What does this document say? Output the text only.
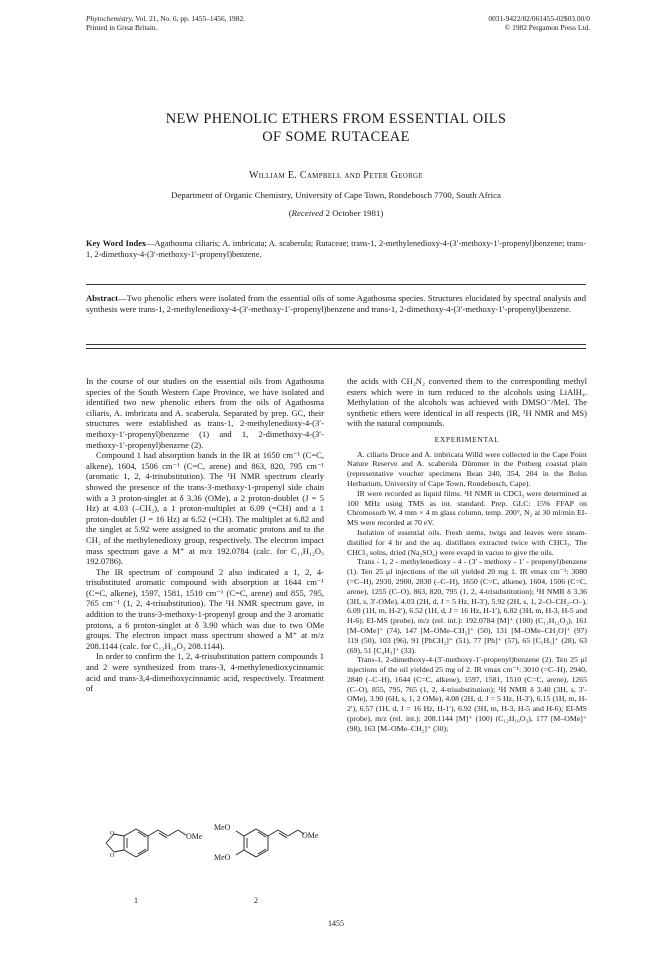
Phytochemistry, Vol. 21, No. 6, pp. 1455–1456, 1982.
Printed in Great Britain.
0031-9422/82/061455-02$03.00/0
© 1982 Pergamon Press Ltd.
NEW PHENOLIC ETHERS FROM ESSENTIAL OILS
OF SOME RUTACEAE
William E. Campbell and Peter George
Department of Organic Chemistry, University of Cape Town, Rondebosch 7700, South Africa
(Received 2 October 1981)
Key Word Index—Agathosma ciliaris; A. imbricata; A. scaberula; Rutaceae; trans-1, 2-methylenedioxy-4-(3′-methoxy-1′-propenyl)benzene; trans-1, 2-dimethoxy-4-(3′-methoxy-1′-propenyl)benzene.
Abstract—Two phenolic ethers were isolated from the essential oils of some Agathosma species. Structures elucidated by spectral analysis and synthesis were trans-1, 2-methylenedioxy-4-(3′-methoxy-1′-propenyl)benzene and trans-1, 2-dimethoxy-4-(3′-methoxy-1′-propenyl)benzene.

In the course of our studies on the essential oils from Agathosma species of the South Western Cape Province, we have isolated and identified two new phenolic ethers from the oils of Agathosma ciliaris, A. imbricata and A. scaberula. Separated by prep. GC, their structures were established as trans-1, 2-methylenedioxy-4-(3′-methoxy-1′-propenyl)benzene (1) and 1, 2-dimethoxy-4-(3′-methoxy-1′-propenyl)benzene (2).

Compound 1 had absorption bands in the IR at 1650 cm⁻¹ (C=C, alkene), 1604, 1506 cm⁻¹ (C=C, arene) and 863, 820, 795 cm⁻¹ (aromatic 1, 2, 4-trisubstitution). The ¹H NMR spectrum clearly showed the presence of the trans-3-methoxy-1-propenyl side chain with a 3 proton-singlet at δ 3.36 (OMe), a 2 proton-doublet (J = 5 Hz) at 4.03 (–CH₂), a 1 proton-multiplet at 6.09 (=CH) and a 1 proton-doublet (J = 16 Hz) at 6.52 (=CH). The multiplet at 6.82 and the singlet at 5.92 were assigned to the aromatic protons and to the CH₂ of the methylenedioxy group, respectively. The electron impact mass spectrum gave a M⁺ at m/z 192.0784 (calc. for C₁₁H₁₂O₃ 192.0786).

The IR spectrum of compound 2 also indicated a 1, 2, 4-trisubstituted aromatic compound with absorption at 1644 cm⁻¹ (C=C, alkene), 1597, 1581, 1510 cm⁻¹ (C=C, arene) and 855, 795, 765 cm⁻¹ (1, 2, 4-trisubstitution). The ¹H NMR spectrum gave, in addition to the trans-3-methoxy-1-propenyl group and the 3 aromatic protons, a 6 proton-singlet at δ 3.90 which was due to two OMe groups. The electron impact mass spectrum showed a M⁺ at m/z 208.1144 (calc. for C₁₂H₁₆O₃ 208.1144).

In order to confirm the 1, 2, 4-trisubstitution pattern compounds 1 and 2 were synthesized from trans-3, 4-methylenedioxycinnamic acid and trans-3,4-dimethoxycinnamic acid, respectively. Treatment of

O
O
OMe
1
MeO
MeO
OMe
2

the acids with CH₂N₂ converted them to the corresponding methyl esters which were in turn reduced to the alcohols using LiAlH₄. Methylation of the alcohols was achieved with DMSO⁻/MeI. The synthetic ethers were identical in all respects (IR, ¹H NMR and MS) with the natural compounds.

EXPERIMENTAL

A. ciliaris Druce and A. imbricata Willd were collected in the Cape Point Nature Reserve and A. scaberula Dümmer in the Potberg coastal plain (representative voucher specimens Bean 240, 354, 204 in the Bolus Herbarium, University of Cape Town, Rondebosch, Cape).

IR were recorded as liquid films. ¹H NMR in CDCl₃ were determined at 100 MHz using TMS as int. standard. Prep. GLC: 15% FFAP on Chromosorb W, 4 mm × 4 m glass column, temp. 200°, N₂ at 30 ml/min EI-MS were recorded at 70 eV.

Isolation of essential oils. Fresh stems, twigs and leaves were steam-distilled for 4 hr and the aq. distillates extracted twice with CHCl₃. The CHCl₃ solns, dried (Na₂SO₄) were evapd in vacuo to give the oils.

Trans - 1, 2 - methylenedioxy - 4 - (3′ - methoxy - 1′ - propenyl)benzene (1). Ten 25 μl injections of the oil yielded 20 mg 1. IR νmax cm⁻¹: 3080 (=C–H), 2930, 2900, 2830 (–C–H), 1650 (C=C, alkene), 1604, 1506 (C=C, arene), 1255 (C–O), 863, 820, 795 (1, 2, 4-trisubstitution); ¹H NMR δ 3.36 (3H, s, 3′-OMe), 4.03 (2H, d, J = 5 Hz, H-3′), 5.92 (2H, s, 1, 2–O–CH₂–O–), 6.09 (1H, m, H-2′), 6.52 (1H, d, J = 16 Hz, H-1′), 6.82 (3H, m, H-3, H-5 and H-6); EI-MS (probe), m/z (rel. int.): 192.0784 [M]⁺ (100) (C₁₁H₁₂O₃), 161 [M–OMe]⁺ (74), 147 [M–OMe–CH₂]⁺ (50), 131 [M–OMe–CH₂O]⁺ (97) 119 (50), 103 (96), 91 [PhCH₂]⁺ (51), 77 [Ph]⁺ (57), 65 [C₅H₅]⁺ (28), 63 (69), 51 [C₄H₃]⁺ (33).

Trans-1, 2-dimethoxy-4-(3′-methoxy-1′-propenyl)benzene (2). Ten 25 μl injections of the oil yielded 25 mg of 2. IR νmax cm⁻¹: 3010 (=C–H), 2940, 2840 (–C–H), 1644 (C=C, alkene), 1597, 1581, 1510 (C=C, arene), 1265 (C–O), 855, 795, 765 (1, 2, 4-trisubstitution); ¹H NMR δ 3.40 (3H, s, 3′-OMe), 3.90 (6H, s, 1, 2 OMe), 4.08 (2H, d, J = 5 Hz, H-3′), 6.15 (1H, m, H-2′), 6.57 (1H, d, J = 16 Hz, H-1′), 6.92 (3H, m, H-3, H-5 and H-6); EI-MS (probe), m/z (rel. int.): 208.1144 [M]⁺ (100) (C₁₂H₁₆O₃), 177 [M–OMe]⁺ (98), 163 [M–OMe–CH₂]⁺ (30);

1455
